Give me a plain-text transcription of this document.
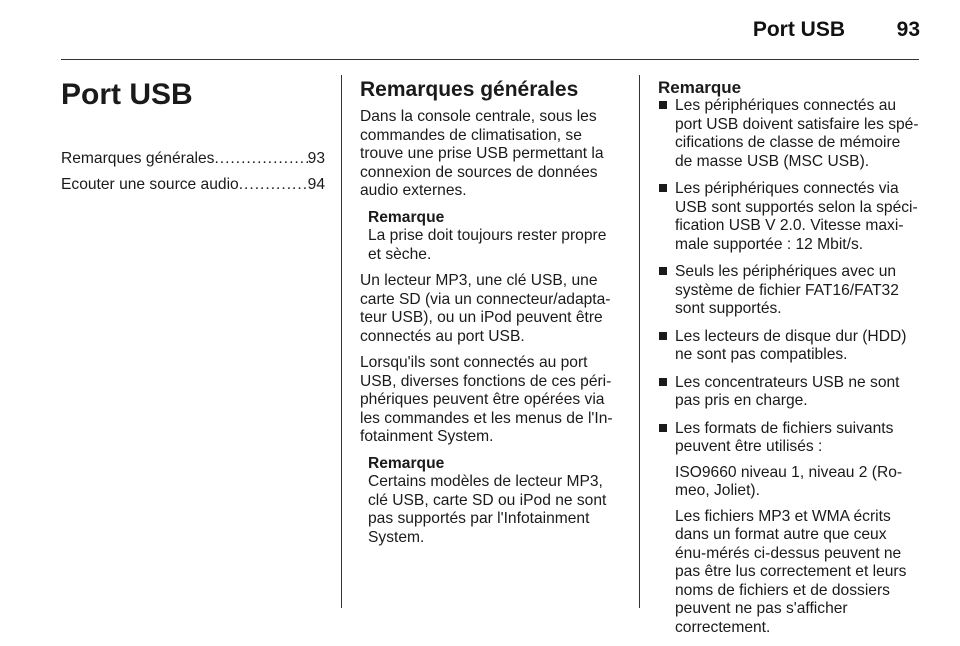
Port USB 93
Port USB
Remarques générales .....	93
Ecouter une source audio .....	94
Remarques générales

Dans la console centrale, sous les commandes de climatisation, se trouve une prise USB permettant la connexion de sources de données audio externes.

Remarque
La prise doit toujours rester propre et sèche.

Un lecteur MP3, une clé USB, une carte SD (via un connecteur/adapta-teur USB), ou un iPod peuvent être connectés au port USB.

Lorsqu'ils sont connectés au port USB, diverses fonctions de ces péri-phériques peuvent être opérées via les commandes et les menus de l'In-fotainment System.

Remarque
Certains modèles de lecteur MP3, clé USB, carte SD ou iPod ne sont pas supportés par l'Infotainment System.
Remarque
Les périphériques connectés au port USB doivent satisfaire les spé-cifications de classe de mémoire de masse USB (MSC USB).
Les périphériques connectés via USB sont supportés selon la spéci-fication USB V 2.0. Vitesse maxi-male supportée : 12 Mbit/s.
Seuls les périphériques avec un système de fichier FAT16/FAT32 sont supportés.
Les lecteurs de disque dur (HDD) ne sont pas compatibles.
Les concentrateurs USB ne sont pas pris en charge.

Les formats de fichiers suivants peuvent être utilisés :

ISO9660 niveau 1, niveau 2 (Ro-meo, Joliet).

Les fichiers MP3 et WMA écrits dans un format autre que ceux énu-mérés ci-dessus peuvent ne pas être lus correctement et leurs noms de fichiers et de dossiers peuvent ne pas s'afficher correctement.
